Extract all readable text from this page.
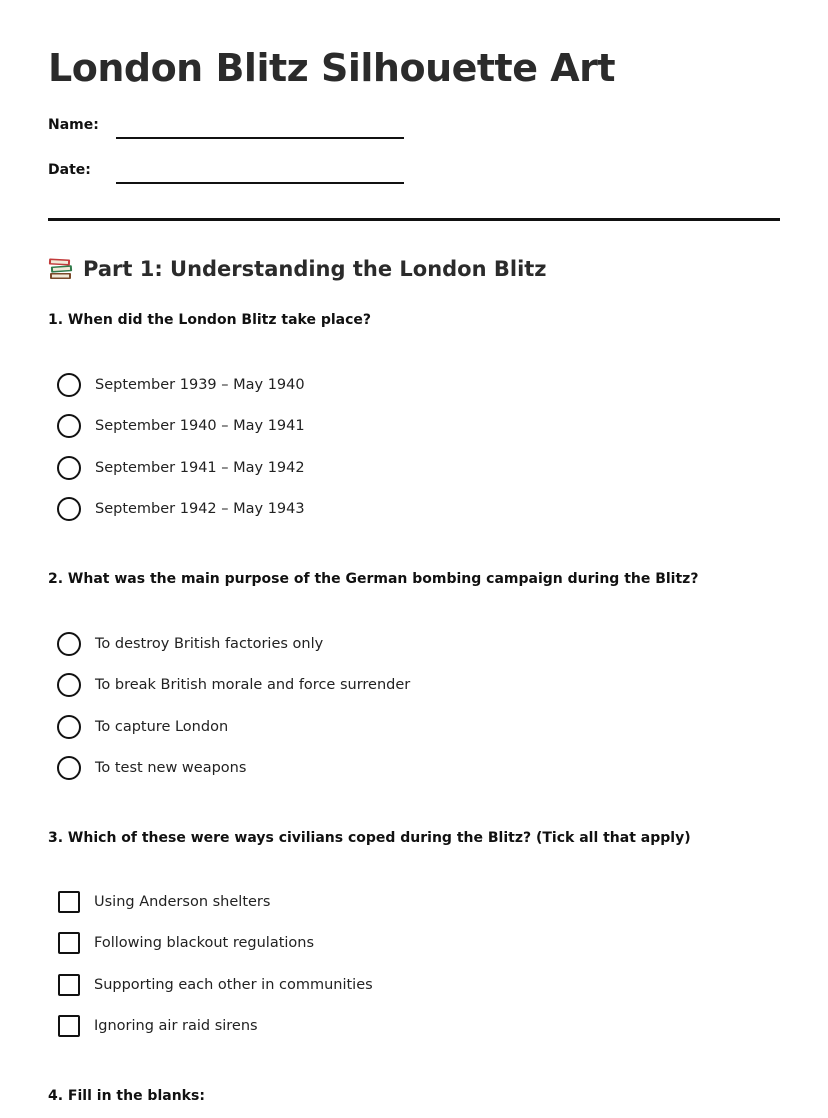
London Blitz Silhouette Art
Name:
Date:
Part 1: Understanding the London Blitz

1. When did the London Blitz take place?

September 1939 – May 1940
September 1940 – May 1941
September 1941 – May 1942
September 1942 – May 1943

2. What was the main purpose of the German bombing campaign during the Blitz?

To destroy British factories only
To break British morale and force surrender
To capture London
To test new weapons

3. Which of these were ways civilians coped during the Blitz? (Tick all that apply)

Using Anderson shelters
Following blackout regulations
Supporting each other in communities
Ignoring air raid sirens

4. Fill in the blanks:
